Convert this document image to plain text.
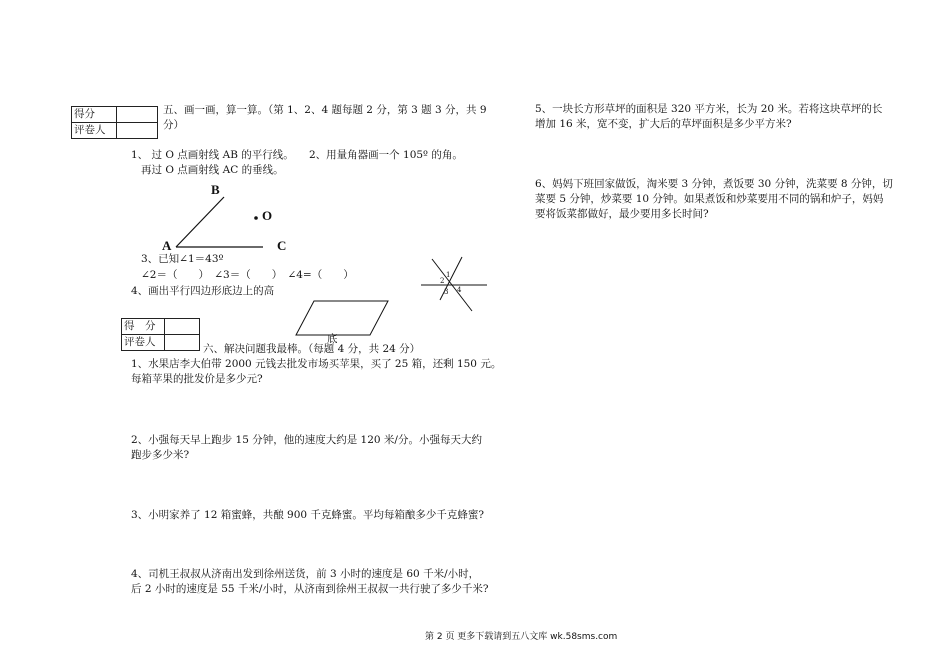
得分	
评卷人	
五、画一画，算一算。（第 1、2、4 题每题 2 分，第 3 题 3 分，共 9
分）
1、 过 O 点画射线 AB 的平行线。 2、用量角器画一个 105º 的角。
再过 O 点画射线 AC 的垂线。
B
O
A	C
3、已知∠1＝43º
∠2＝（　　）　∠3＝（　　）　∠4=（　　）	1
2
3 4
4、画出平行四边形底边上的高
底
得　分	
评卷人	
六、解决问题我最棒。（每题 4 分，共 24 分）
1、水果店李大伯带 2000 元钱去批发市场买苹果，买了 25 箱，还剩 150 元。
每箱苹果的批发价是多少元?
2、小强每天早上跑步 15 分钟，他的速度大约是 120 米/分。小强每天大约
跑步多少米?
3、小明家养了 12 箱蜜蜂，共酿 900 千克蜂蜜。平均每箱酿多少千克蜂蜜?
4、司机王叔叔从济南出发到徐州送货，前 3 小时的速度是 60 千米/小时，
后 2 小时的速度是 55 千米/小时，从济南到徐州王叔叔一共行驶了多少千米?
5、一块长方形草坪的面积是 320 平方米，长为 20 米。若将这块草坪的长
增加 16 米，宽不变，扩大后的草坪面积是多少平方米?
6、妈妈下班回家做饭，淘米要 3 分钟，煮饭要 30 分钟，洗菜要 8 分钟，切
菜要 5 分钟，炒菜要 10 分钟。如果煮饭和炒菜要用不同的锅和炉子，妈妈
要将饭菜都做好，最少要用多长时间?
第 2 页 更多下载请到五八文库 wk.58sms.com
